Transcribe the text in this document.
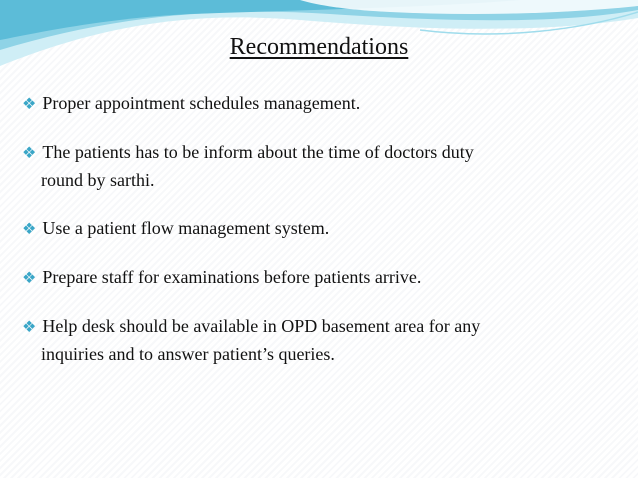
Recommendations
❖ Proper appointment schedules management.
❖ The patients has to be inform about the time of doctors duty
round by sarthi.
❖ Use a patient flow management system.
❖ Prepare staff for examinations before patients arrive.
❖ Help desk should be available in OPD basement area for any
inquiries and to answer patient’s queries.
